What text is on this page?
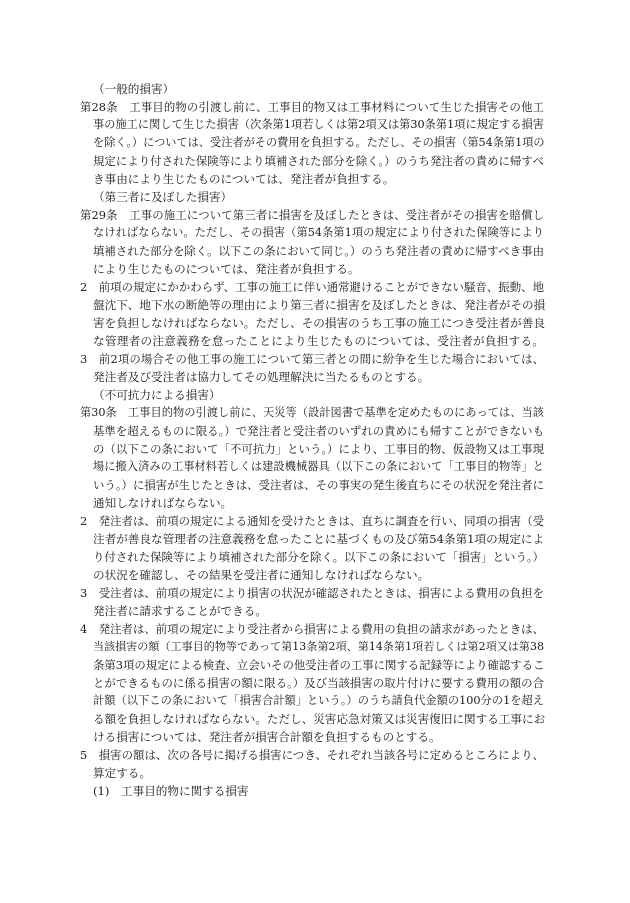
（一般的損害）
第28条　工事目的物の引渡し前に、工事目的物又は工事材料について生じた損害その他工
事の施工に関して生じた損害（次条第1項若しくは第2項又は第30条第1項に規定する損害
を除く。）については、受注者がその費用を負担する。ただし、その損害（第54条第1項の
規定により付された保険等により填補された部分を除く。）のうち発注者の責めに帰すべ
き事由により生じたものについては、発注者が負担する。
（第三者に及ぼした損害）
第29条　工事の施工について第三者に損害を及ぼしたときは、受注者がその損害を賠償し
なければならない。ただし、その損害（第54条第1項の規定により付された保険等により
填補された部分を除く。以下この条において同じ。）のうち発注者の責めに帰すべき事由
により生じたものについては、発注者が負担する。
2　前項の規定にかかわらず、工事の施工に伴い通常避けることができない騒音、振動、地
盤沈下、地下水の断絶等の理由により第三者に損害を及ぼしたときは、発注者がその損
害を負担しなければならない。ただし、その損害のうち工事の施工につき受注者が善良
な管理者の注意義務を怠ったことにより生じたものについては、受注者が負担する。
3　前2項の場合その他工事の施工について第三者との間に紛争を生じた場合においては、
発注者及び受注者は協力してその処理解決に当たるものとする。
（不可抗力による損害）
第30条　工事目的物の引渡し前に、天災等（設計図書で基準を定めたものにあっては、当該
基準を超えるものに限る。）で発注者と受注者のいずれの責めにも帰すことができないも
の（以下この条において「不可抗力」という。）により、工事目的物、仮設物又は工事現
場に搬入済みの工事材料若しくは建設機械器具（以下この条において「工事目的物等」と
いう。）に損害が生じたときは、受注者は、その事実の発生後直ちにその状況を発注者に
通知しなければならない。
2　発注者は、前項の規定による通知を受けたときは、直ちに調査を行い、同項の損害（受
注者が善良な管理者の注意義務を怠ったことに基づくもの及び第54条第1項の規定によ
り付された保険等により填補された部分を除く。以下この条において「損害」という。）
の状況を確認し、その結果を受注者に通知しなければならない。
3　受注者は、前項の規定により損害の状況が確認されたときは、損害による費用の負担を
発注者に請求することができる。
4　発注者は、前項の規定により受注者から損害による費用の負担の請求があったときは、
当該損害の額（工事目的物等であって第13条第2項、第14条第1項若しくは第2項又は第38
条第3項の規定による検査、立会いその他受注者の工事に関する記録等により確認するこ
とができるものに係る損害の額に限る。）及び当該損害の取片付けに要する費用の額の合
計額（以下この条において「損害合計額」という。）のうち請負代金額の100分の1を超え
る額を負担しなければならない。ただし、災害応急対策又は災害復旧に関する工事にお
ける損害については、発注者が損害合計額を負担するものとする。
5　損害の額は、次の各号に掲げる損害につき、それぞれ当該各号に定めるところにより、
算定する。
(1)　工事目的物に関する損害
